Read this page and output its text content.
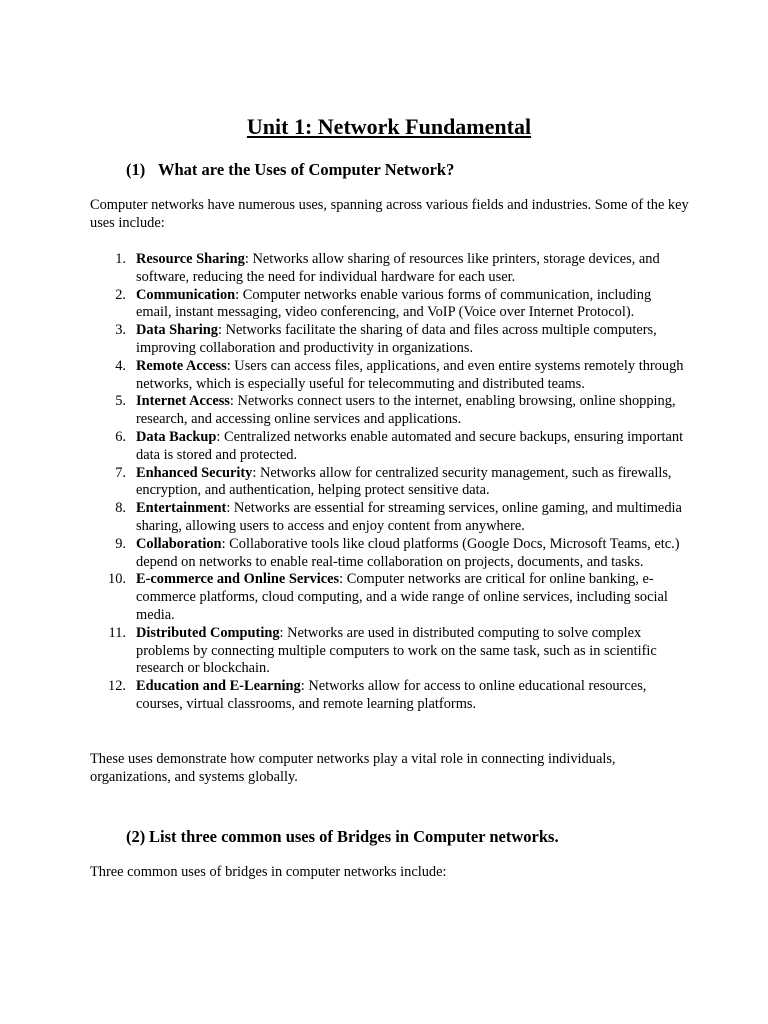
Unit 1: Network Fundamental
(1) What are the Uses of Computer Network?
Computer networks have numerous uses, spanning across various fields and industries. Some of the key uses include:
1. Resource Sharing: Networks allow sharing of resources like printers, storage devices, and software, reducing the need for individual hardware for each user.
2. Communication: Computer networks enable various forms of communication, including email, instant messaging, video conferencing, and VoIP (Voice over Internet Protocol).
3. Data Sharing: Networks facilitate the sharing of data and files across multiple computers, improving collaboration and productivity in organizations.
4. Remote Access: Users can access files, applications, and even entire systems remotely through networks, which is especially useful for telecommuting and distributed teams.
5. Internet Access: Networks connect users to the internet, enabling browsing, online shopping, research, and accessing online services and applications.
6. Data Backup: Centralized networks enable automated and secure backups, ensuring important data is stored and protected.
7. Enhanced Security: Networks allow for centralized security management, such as firewalls, encryption, and authentication, helping protect sensitive data.
8. Entertainment: Networks are essential for streaming services, online gaming, and multimedia sharing, allowing users to access and enjoy content from anywhere.
9. Collaboration: Collaborative tools like cloud platforms (Google Docs, Microsoft Teams, etc.) depend on networks to enable real-time collaboration on projects, documents, and tasks.
10. E-commerce and Online Services: Computer networks are critical for online banking, e-commerce platforms, cloud computing, and a wide range of online services, including social media.
11. Distributed Computing: Networks are used in distributed computing to solve complex problems by connecting multiple computers to work on the same task, such as in scientific research or blockchain.
12. Education and E-Learning: Networks allow for access to online educational resources, courses, virtual classrooms, and remote learning platforms.
These uses demonstrate how computer networks play a vital role in connecting individuals, organizations, and systems globally.
(2) List three common uses of Bridges in Computer networks.
Three common uses of bridges in computer networks include:
